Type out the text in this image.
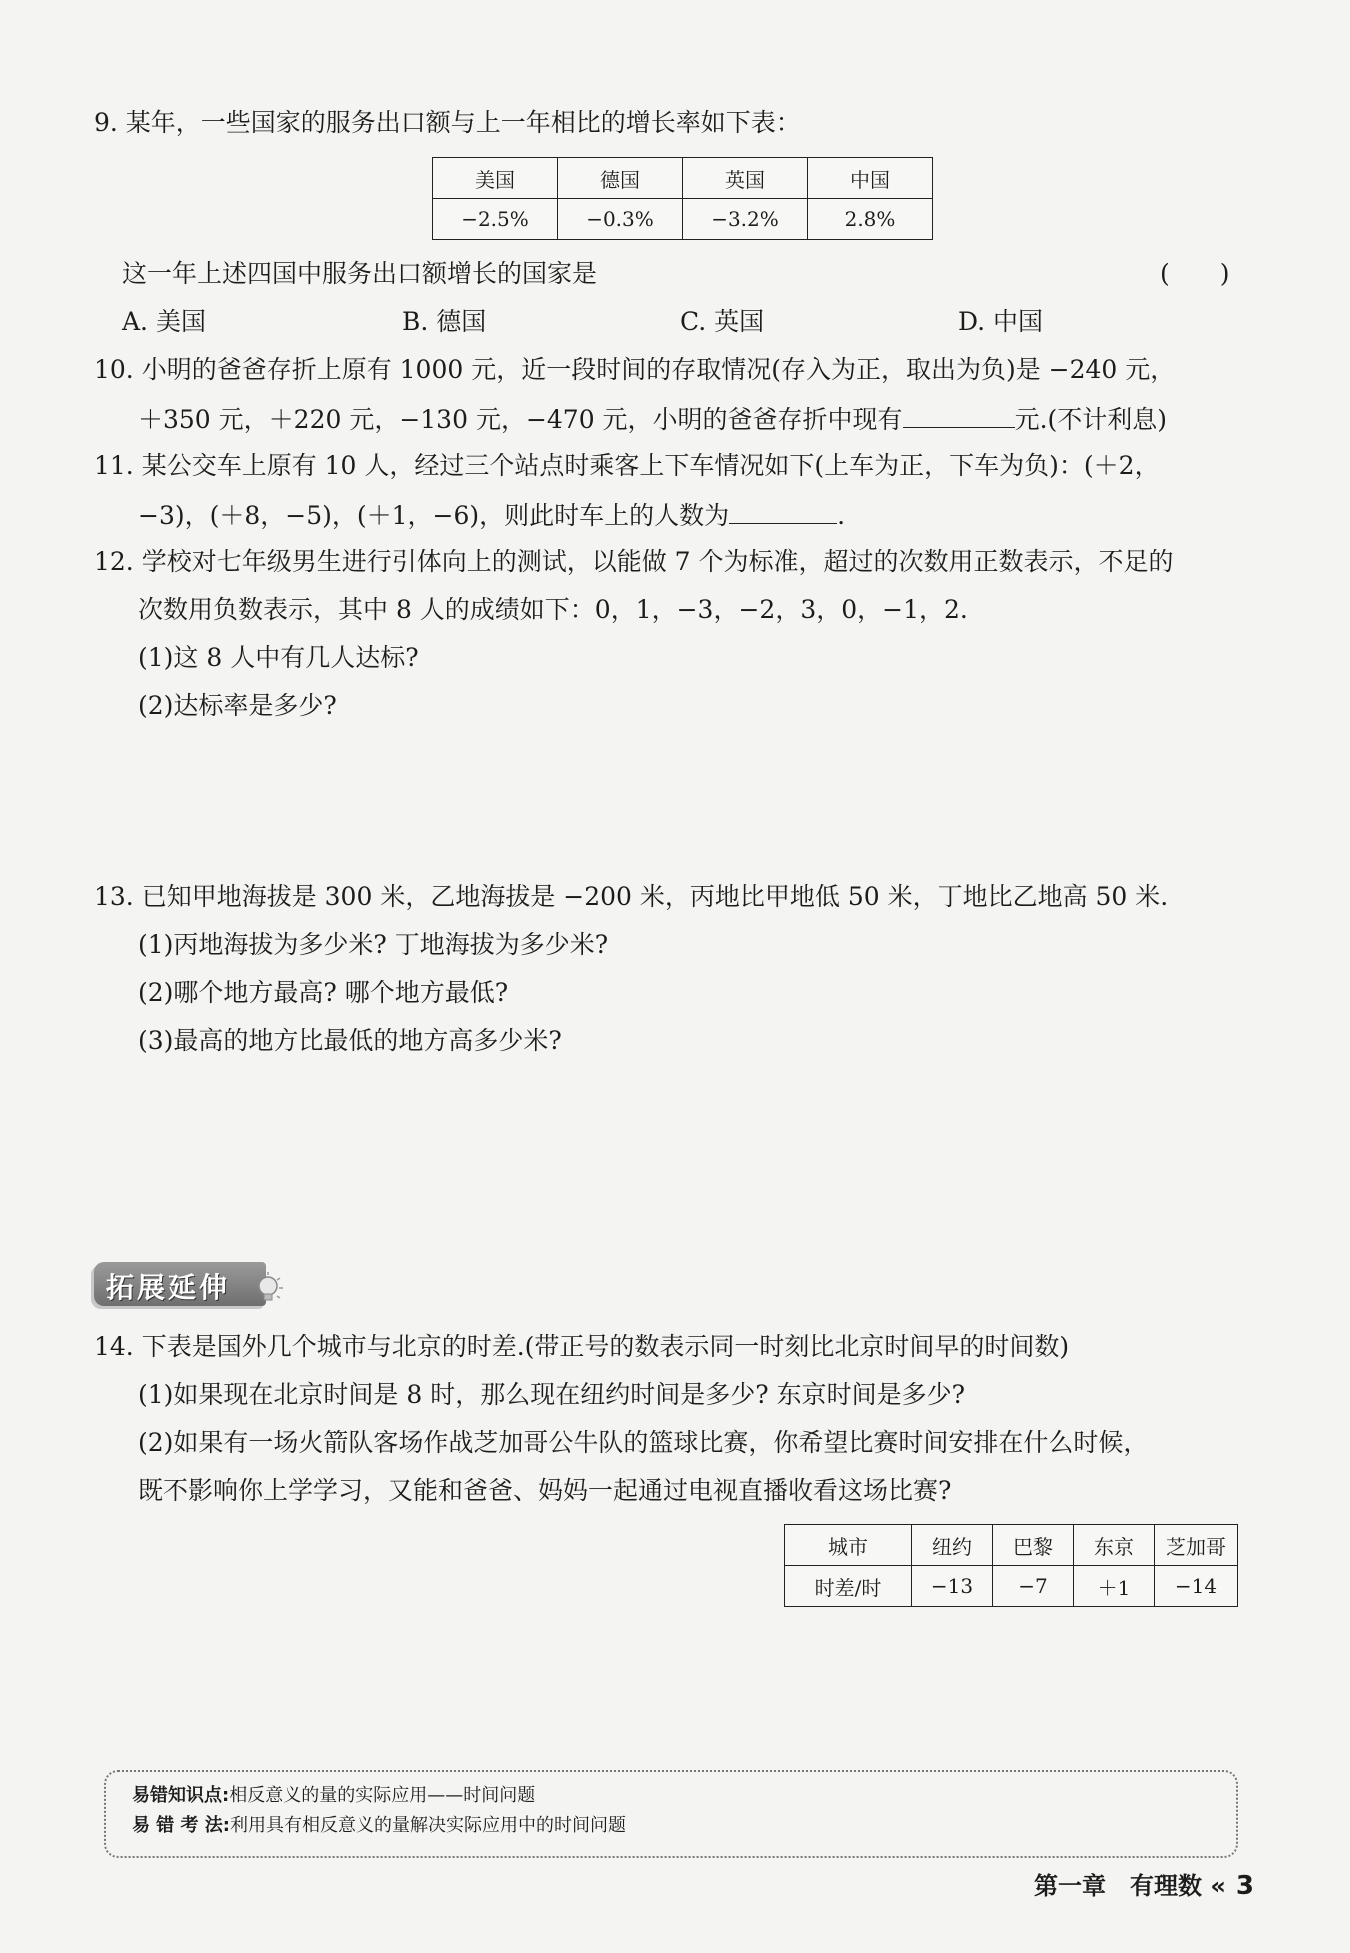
9. 某年，一些国家的服务出口额与上一年相比的增长率如下表：
美国	德国	英国	中国
−2.5%	−0.3%	−3.2%	2.8%
这一年上述四国中服务出口额增长的国家是	(　　)
A. 美国	B. 德国	C. 英国	D. 中国
10. 小明的爸爸存折上原有 1000 元，近一段时间的存取情况(存入为正，取出为负)是 −240 元，
＋350 元，＋220 元，−130 元，−470 元，小明的爸爸存折中现有	元.(不计利息)
11. 某公交车上原有 10 人，经过三个站点时乘客上下车情况如下(上车为正，下车为负)：(＋2，
−3)，(＋8，−5)，(＋1，−6)，则此时车上的人数为	.
12. 学校对七年级男生进行引体向上的测试，以能做 7 个为标准，超过的次数用正数表示，不足的
次数用负数表示，其中 8 人的成绩如下：0，1，−3，−2，3，0，−1，2.
(1)这 8 人中有几人达标?
(2)达标率是多少?
13. 已知甲地海拔是 300 米，乙地海拔是 −200 米，丙地比甲地低 50 米，丁地比乙地高 50 米.
(1)丙地海拔为多少米? 丁地海拔为多少米?
(2)哪个地方最高? 哪个地方最低?
(3)最高的地方比最低的地方高多少米?
拓展延伸
14. 下表是国外几个城市与北京的时差.(带正号的数表示同一时刻比北京时间早的时间数)
(1)如果现在北京时间是 8 时，那么现在纽约时间是多少? 东京时间是多少?
(2)如果有一场火箭队客场作战芝加哥公牛队的篮球比赛，你希望比赛时间安排在什么时候，
既不影响你上学学习，又能和爸爸、妈妈一起通过电视直播收看这场比赛?
城市	纽约	巴黎	东京	芝加哥
时差/时	−13	−7	＋1	−14
易错知识点:相反意义的量的实际应用——时间问题
易 错 考 法:利用具有相反意义的量解决实际应用中的时间问题
第一章　有理数 « 3
